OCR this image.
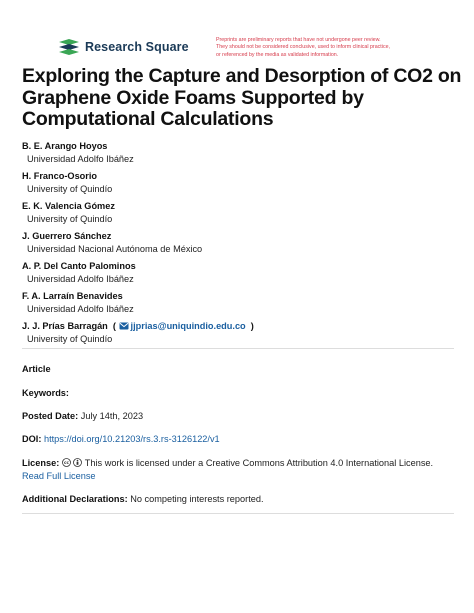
Research Square	Preprints are preliminary reports that have not undergone peer review.
They should not be considered conclusive, used to inform clinical practice,
or referenced by the media as validated information.
Exploring the Capture and Desorption of CO2 on Graphene Oxide Foams Supported by Computational Calculations
B. E. Arango Hoyos
Universidad Adolfo Ibáñez
H. Franco-Osorio
University of Quindío
E. K. Valencia Gómez
University of Quindío
J. Guerrero Sánchez
Universidad Nacional Autónoma de México
A. P. Del Canto Palominos
Universidad Adolfo Ibáñez
F. A. Larraín Benavides
Universidad Adolfo Ibáñez
J. J. Prías Barragán  ( jjprias@uniquindio.edu.co  )
University of Quindío
Article
Keywords:
Posted Date: July 14th, 2023
DOI: https://doi.org/10.21203/rs.3.rs-3126122/v1
License: cc This work is licensed under a Creative Commons Attribution 4.0 International License.
Read Full License
Additional Declarations: No competing interests reported.
